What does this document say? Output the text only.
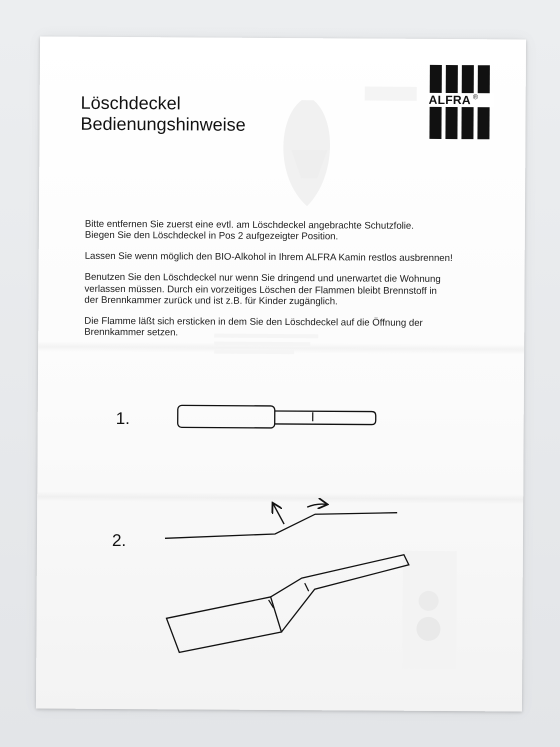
Löschdeckel
Bedienungshinweise
ALFRA ®
Bitte entfernen Sie zuerst eine evtl. am Löschdeckel angebrachte Schutzfolie.
Biegen Sie den Löschdeckel in Pos 2 aufgezeigter Position.
Lassen Sie wenn möglich den BIO-Alkohol in Ihrem ALFRA Kamin restlos ausbrennen!
Benutzen Sie den Löschdeckel nur wenn Sie dringend und unerwartet die Wohnung
verlassen müssen. Durch ein vorzeitiges Löschen der Flammen bleibt Brennstoff in
der Brennkammer zurück und ist z.B. für Kinder zugänglich.
Die Flamme läßt sich ersticken in dem Sie den Löschdeckel auf die Öffnung der
Brennkammer setzen.
1.
2.
